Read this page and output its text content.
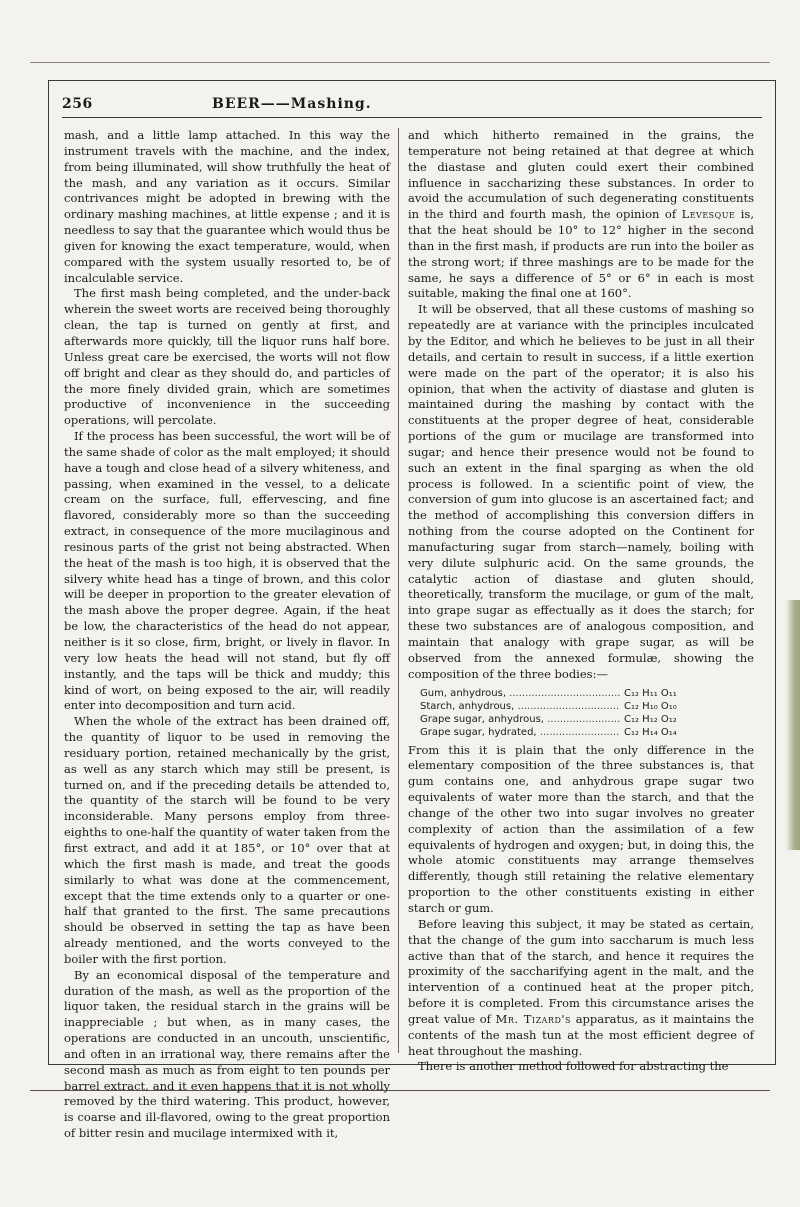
256	BEER——Mashing.

mash, and a little lamp attached. In this way the instrument travels with the machine, and the index, from being illuminated, will show truthfully the heat of the mash, and any variation as it occurs. Similar contrivances might be adopted in brewing with the ordinary mashing machines, at little expense ; and it is needless to say that the guarantee which would thus be given for knowing the exact temperature, would, when compared with the system usually resorted to, be of incalculable service.

The first mash being completed, and the under-back wherein the sweet worts are received being thoroughly clean, the tap is turned on gently at first, and afterwards more quickly, till the liquor runs half bore. Unless great care be exercised, the worts will not flow off bright and clear as they should do, and particles of the more finely divided grain, which are sometimes productive of inconvenience in the succeeding operations, will percolate.

If the process has been successful, the wort will be of the same shade of color as the malt employed; it should have a tough and close head of a silvery whiteness, and passing, when examined in the vessel, to a delicate cream on the surface, full, effervescing, and fine flavored, considerably more so than the succeeding extract, in consequence of the more mucilaginous and resinous parts of the grist not being abstracted. When the heat of the mash is too high, it is observed that the silvery white head has a tinge of brown, and this color will be deeper in proportion to the greater elevation of the mash above the proper degree. Again, if the heat be low, the characteristics of the head do not appear, neither is it so close, firm, bright, or lively in flavor. In very low heats the head will not stand, but fly off instantly, and the taps will be thick and muddy; this kind of wort, on being exposed to the air, will readily enter into decomposition and turn acid.

When the whole of the extract has been drained off, the quantity of liquor to be used in removing the residuary portion, retained mechanically by the grist, as well as any starch which may still be present, is turned on, and if the preceding details be attended to, the quantity of the starch will be found to be very inconsiderable. Many persons employ from three-eighths to one-half the quantity of water taken from the first extract, and add it at 185°, or 10° over that at which the first mash is made, and treat the goods similarly to what was done at the commencement, except that the time extends only to a quarter or one-half that granted to the first. The same precautions should be observed in setting the tap as have been already mentioned, and the worts conveyed to the boiler with the first portion.

By an economical disposal of the temperature and duration of the mash, as well as the proportion of the liquor taken, the residual starch in the grains will be inappreciable ; but when, as in many cases, the operations are conducted in an uncouth, unscientific, and often in an irrational way, there remains after the second mash as much as from eight to ten pounds per barrel extract, and it even happens that it is not wholly removed by the third watering. This product, however, is coarse and ill-flavored, owing to the great proportion of bitter resin and mucilage intermixed with it,

and which hitherto remained in the grains, the temperature not being retained at that degree at which the diastase and gluten could exert their combined influence in saccharizing these substances. In order to avoid the accumulation of such degenerating constituents in the third and fourth mash, the opinion of Levesque is, that the heat should be 10° to 12° higher in the second than in the first mash, if products are run into the boiler as the strong wort; if three mashings are to be made for the same, he says a difference of 5° or 6° in each is most suitable, making the final one at 160°.

It will be observed, that all these customs of mashing so repeatedly are at variance with the principles inculcated by the Editor, and which he believes to be just in all their details, and certain to result in success, if a little exertion were made on the part of the operator; it is also his opinion, that when the activity of diastase and gluten is maintained during the mashing by contact with the constituents at the proper degree of heat, considerable portions of the gum or mucilage are transformed into sugar; and hence their presence would not be found to such an extent in the final sparging as when the old process is followed. In a scientific point of view, the conversion of gum into glucose is an ascertained fact; and the method of accomplishing this conversion differs in nothing from the course adopted on the Continent for manufacturing sugar from starch—namely, boiling with very dilute sulphuric acid. On the same grounds, the catalytic action of diastase and gluten should, theoretically, transform the mucilage, or gum of the malt, into grape sugar as effectually as it does the starch; for these two substances are of analogous composition, and maintain that analogy with grape sugar, as will be observed from the annexed formulæ, showing the composition of the three bodies:—

Gum, anhydrous, .....	C₁₂ H₁₁ O₁₁
Starch, anhydrous, .....	C₁₂ H₁₀ O₁₀
Grape sugar, anhydrous, .....	C₁₂ H₁₂ O₁₂
Grape sugar, hydrated, .....	C₁₂ H₁₄ O₁₄

From this it is plain that the only difference in the elementary composition of the three substances is, that gum contains one, and anhydrous grape sugar two equivalents of water more than the starch, and that the change of the other two into sugar involves no greater complexity of action than the assimilation of a few equivalents of hydrogen and oxygen; but, in doing this, the whole atomic constituents may arrange themselves differently, though still retaining the relative elementary proportion to the other constituents existing in either starch or gum.

Before leaving this subject, it may be stated as certain, that the change of the gum into saccharum is much less active than that of the starch, and hence it requires the proximity of the saccharifying agent in the malt, and the intervention of a continued heat at the proper pitch, before it is completed. From this circumstance arises the great value of Mr. Tizard's apparatus, as it maintains the contents of the mash tun at the most efficient degree of heat throughout the mashing.

There is another method followed for abstracting the
